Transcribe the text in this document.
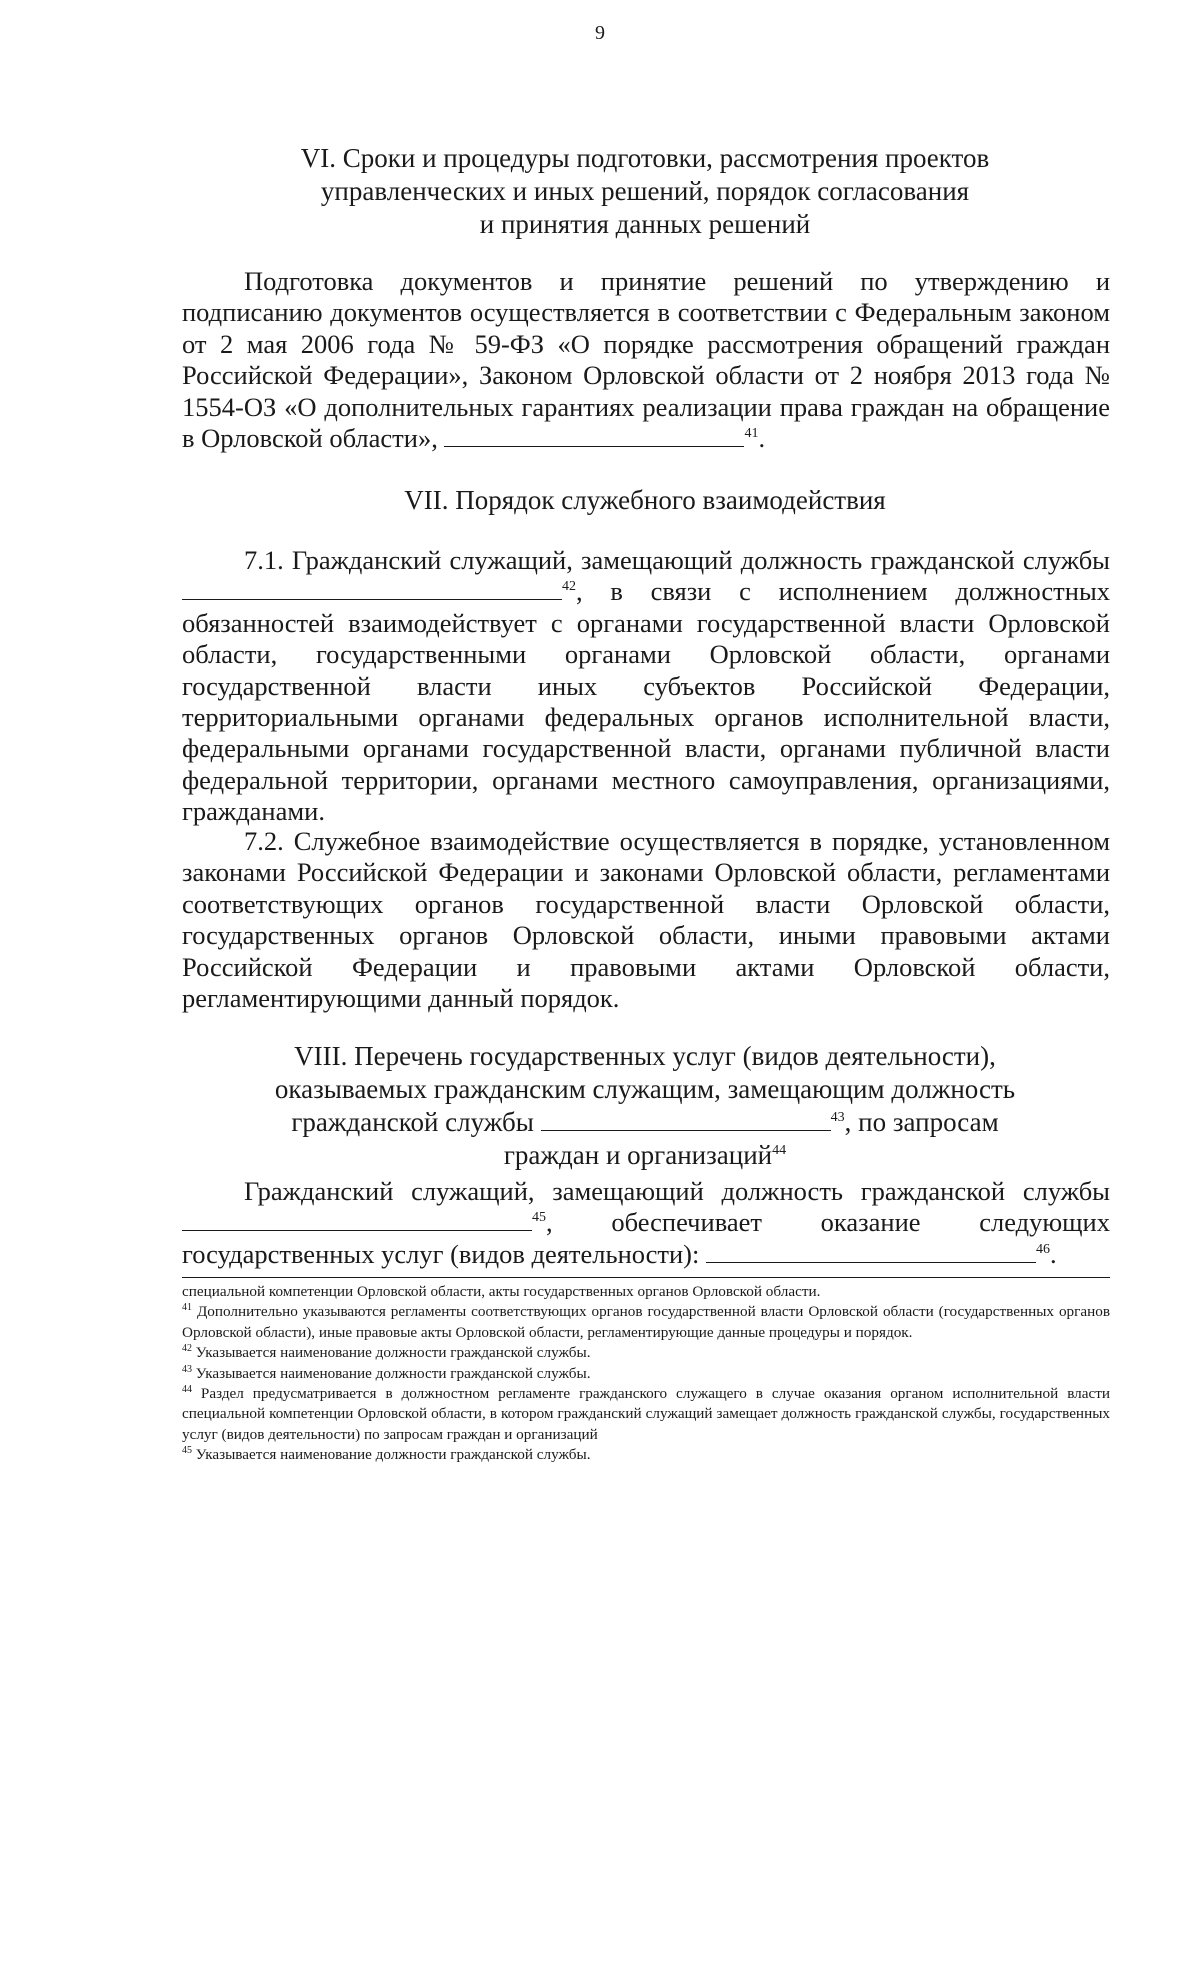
9
VI. Сроки и процедуры подготовки, рассмотрения проектов
управленческих и иных решений, порядок согласования
и принятия данных решений

Подготовка документов и принятие решений по утверждению и подписанию документов осуществляется в соответствии с Федеральным законом от 2 мая 2006 года № 59-ФЗ «О порядке рассмотрения обращений граждан Российской Федерации», Законом Орловской области от 2 ноября 2013 года № 1554-ОЗ «О дополнительных гарантиях реализации права граждан на обращение в Орловской области»,	$^{41}$.

VII. Порядок служебного взаимодействия

7.1. Гражданский служащий, замещающий должность гражданской службы $^{42}$, в связи с исполнением должностных обязанностей взаимодействует с органами государственной власти Орловской области, государственными органами Орловской области, органами государственной власти иных субъектов Российской Федерации, территориальными органами федеральных органов исполнительной власти, федеральными органами государственной власти, органами публичной власти федеральной территории, органами местного самоуправления, организациями, гражданами.

7.2. Служебное взаимодействие осуществляется в порядке, установленном законами Российской Федерации и законами Орловской области, регламентами соответствующих органов государственной власти Орловской области, государственных органов Орловской области, иными правовыми актами Российской Федерации и правовыми актами Орловской области, регламентирующими данный порядок.

VIII. Перечень государственных услуг (видов деятельности),
оказываемых гражданским служащим, замещающим должность
гражданской службы	$^{43}$, по запросам
граждан и организаций$^{44}$

Гражданский служащий, замещающий должность гражданской службы $^{45}$, обеспечивает оказание следующих государственных услуг (видов деятельности):	$^{46}$.

специальной компетенции Орловской области, акты государственных органов Орловской области.

$^{41}$ Дополнительно указываются регламенты соответствующих органов государственной власти Орловской области (государственных органов Орловской области), иные правовые акты Орловской области, регламентирующие данные процедуры и порядок.

$^{42}$ Указывается наименование должности гражданской службы.

$^{43}$ Указывается наименование должности гражданской службы.

$^{44}$ Раздел предусматривается в должностном регламенте гражданского служащего в случае оказания органом исполнительной власти специальной компетенции Орловской области, в котором гражданский служащий замещает должность гражданской службы, государственных услуг (видов деятельности) по запросам граждан и организаций

$^{45}$ Указывается наименование должности гражданской службы.
